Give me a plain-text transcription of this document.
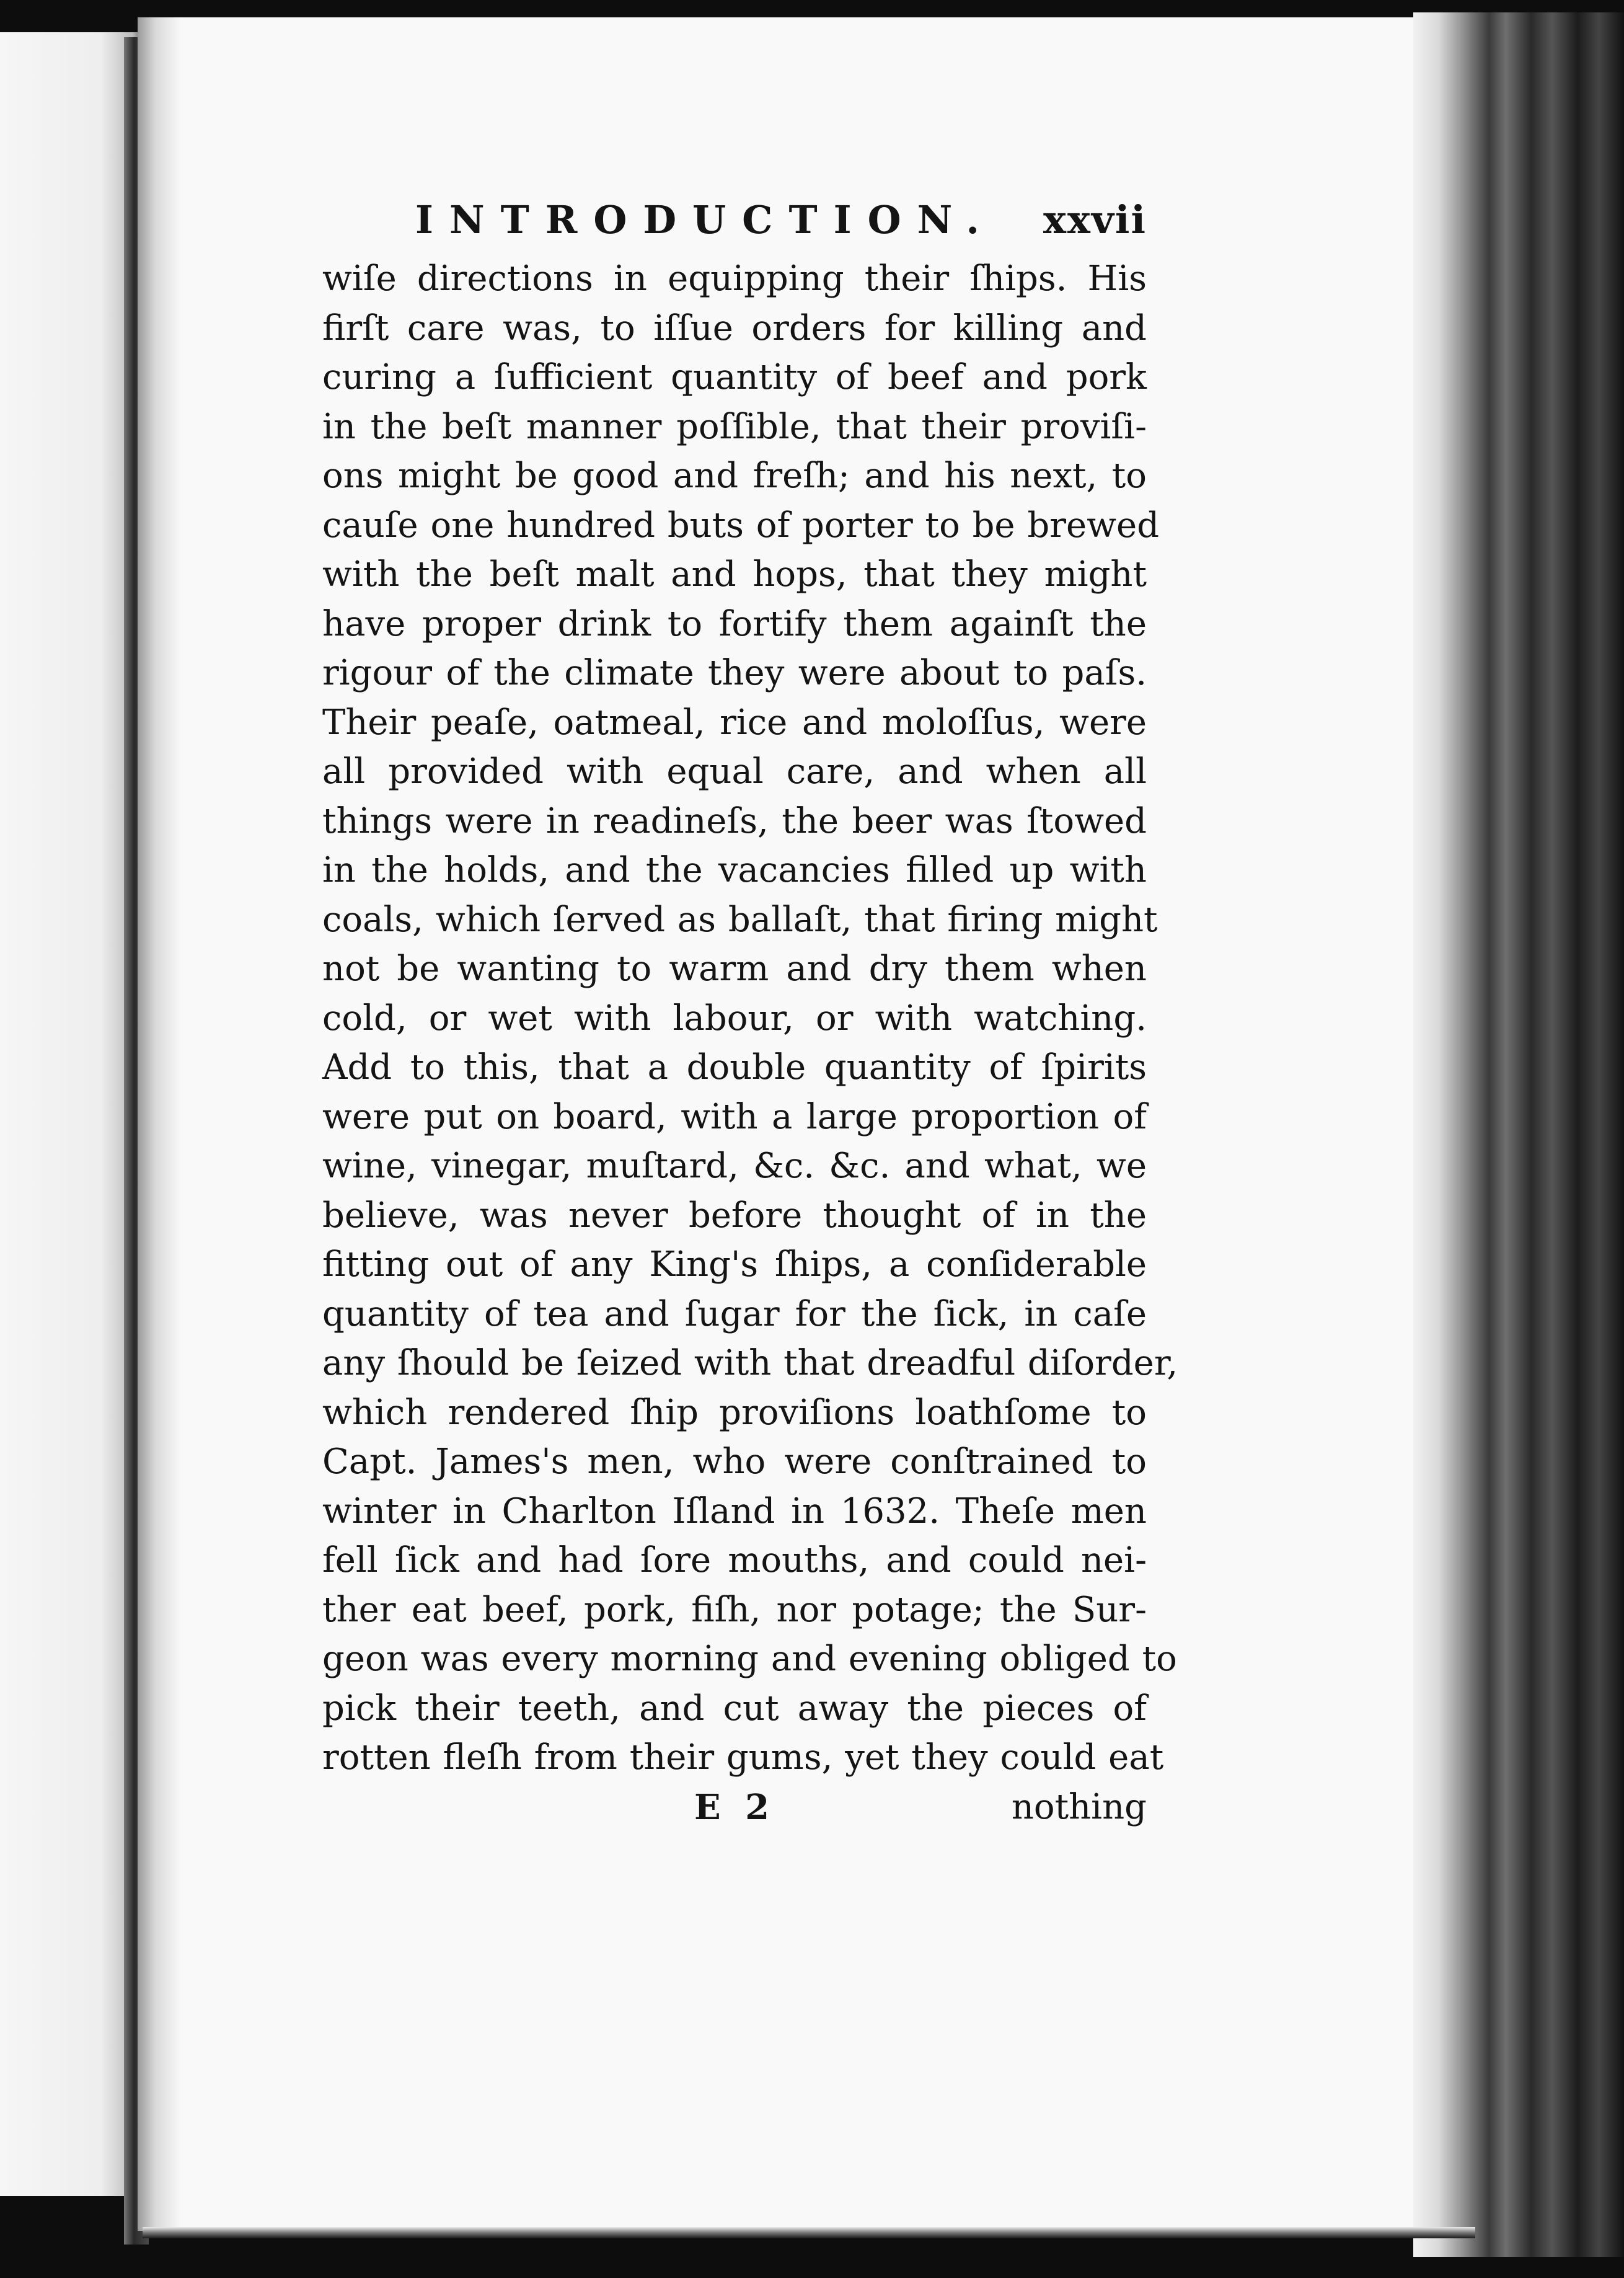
INTRODUCTION. xxvii
wiſe directions in equipping their ſhips. His
firſt care was, to iſſue orders for killing and
curing a ſufficient quantity of beef and pork
in the beſt manner poſſible, that their proviſi-
ons might be good and freſh; and his next, to
cauſe one hundred buts of porter to be brewed
with the beſt malt and hops, that they might
have proper drink to fortify them againſt the
rigour of the climate they were about to paſs.
Their peaſe, oatmeal, rice and moloſſus, were
all provided with equal care, and when all
things were in readineſs, the beer was ſtowed
in the holds, and the vacancies filled up with
coals, which ſerved as ballaſt, that firing might
not be wanting to warm and dry them when
cold, or wet with labour, or with watching.
Add to this, that a double quantity of ſpirits
were put on board, with a large proportion of
wine, vinegar, muſtard, &c. &c. and what, we
believe, was never before thought of in the
fitting out of any King's ſhips, a conſiderable
quantity of tea and ſugar for the ſick, in caſe
any ſhould be ſeized with that dreadful diſorder,
which rendered ſhip proviſions loathſome to
Capt. James's men, who were conſtrained to
winter in Charlton Iſland in 1632. Theſe men
fell ſick and had ſore mouths, and could nei-
ther eat beef, pork, fiſh, nor potage; the Sur-
geon was every morning and evening obliged to
pick their teeth, and cut away the pieces of
rotten fleſh from their gums, yet they could eat
E 2	nothing
